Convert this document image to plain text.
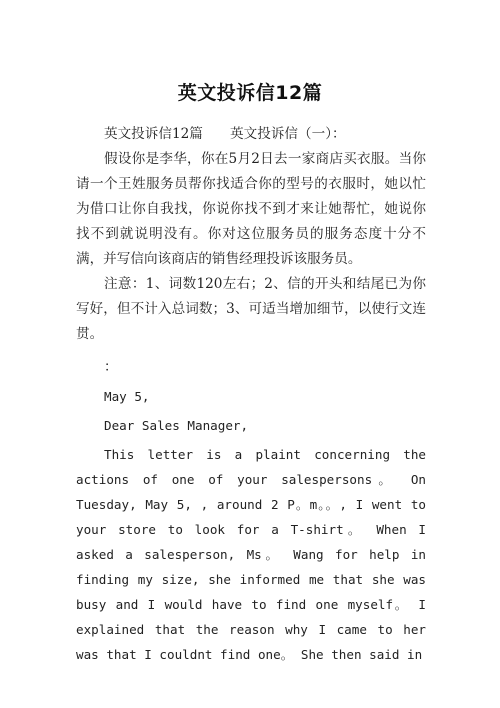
英文投诉信12篇

英文投诉信12篇　　英文投诉信（一）：

假设你是李华，你在5月2日去一家商店买衣服。当你请一个王姓服务员帮你找适合你的型号的衣服时，她以忙为借口让你自我找，你说你找不到才来让她帮忙，她说你找不到就说明没有。你对这位服务员的服务态度十分不满，并写信向该商店的销售经理投诉该服务员。

注意：1、词数120左右；2、信的开头和结尾已为你写好，但不计入总词数；3、可适当增加细节，以使行文连贯。

：

May 5,

Dear Sales Manager,

This letter is a plaint concerning the actions of one of your salespersons。 On Tuesday, May 5, , around 2 P。m。。, I went to your store to look for a T-shirt。 When I asked a salesperson, Ms。 Wang for help in finding my size, she informed me that she was busy and I would have to find one myself。 I explained that the reason why I came to her was that I couldnt find one。 She then said in
